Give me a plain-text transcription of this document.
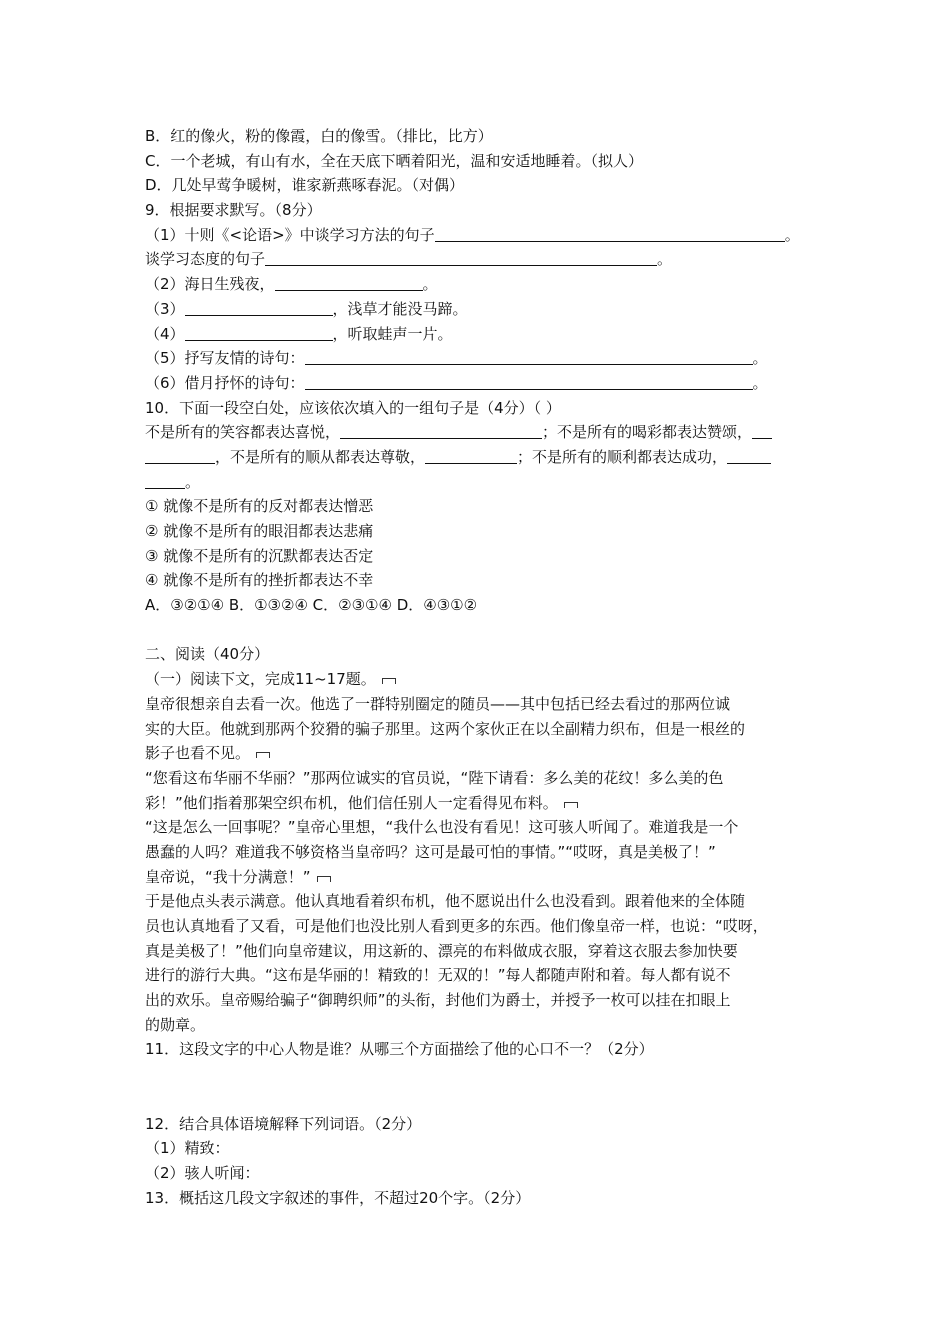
B．红的像火，粉的像霞，白的像雪。（排比，比方）
C．一个老城，有山有水，全在天底下晒着阳光，温和安适地睡着。（拟人）
D．几处早莺争暖树，谁家新燕啄春泥。（对偶）
9．根据要求默写。（8分）
（1）十则《<论语>》中谈学习方法的句子	。
谈学习态度的句子	。
（2）海日生残夜，	。
（3）	，浅草才能没马蹄。
（4）	，听取蛙声一片。
（5）抒写友情的诗句：	。
（6）借月抒怀的诗句：	。
10．下面一段空白处，应该依次填入的一组句子是（4分）（ ）
不是所有的笑容都表达喜悦，	；不是所有的喝彩都表达赞颂，
，不是所有的顺从都表达尊敬，	；不是所有的顺利都表达成功，
。
① 就像不是所有的反对都表达憎恶
② 就像不是所有的眼泪都表达悲痛
③ 就像不是所有的沉默都表达否定
④ 就像不是所有的挫折都表达不幸
A．③②①④ B．①③②④ C．②③①④ D．④③①②
二、阅读（40分）
（一）阅读下文，完成11~17题。
皇帝很想亲自去看一次。他选了一群特别圈定的随员——其中包括已经去看过的那两位诚
实的大臣。他就到那两个狡猾的骗子那里。这两个家伙正在以全副精力织布，但是一根丝的
影子也看不见。
“您看这布华丽不华丽？”那两位诚实的官员说，“陛下请看：多么美的花纹！多么美的色
彩！”他们指着那架空织布机，他们信任别人一定看得见布料。
“这是怎么一回事呢？”皇帝心里想，“我什么也没有看见！这可骇人听闻了。难道我是一个
愚蠢的人吗？难道我不够资格当皇帝吗？这可是最可怕的事情。”“哎呀，真是美极了！”
皇帝说，“我十分满意！”
于是他点头表示满意。他认真地看着织布机，他不愿说出什么也没看到。跟着他来的全体随
员也认真地看了又看，可是他们也没比别人看到更多的东西。他们像皇帝一样，也说：“哎呀，
真是美极了！”他们向皇帝建议，用这新的、漂亮的布料做成衣服，穿着这衣服去参加快要
进行的游行大典。“这布是华丽的！精致的！无双的！”每人都随声附和着。每人都有说不
出的欢乐。皇帝赐给骗子“御聘织师”的头衔，封他们为爵士，并授予一枚可以挂在扣眼上
的勋章。
11．这段文字的中心人物是谁？从哪三个方面描绘了他的心口不一？（2分）
12．结合具体语境解释下列词语。（2分）
（1）精致：
（2）骇人听闻：
13．概括这几段文字叙述的事件，不超过20个字。（2分）
